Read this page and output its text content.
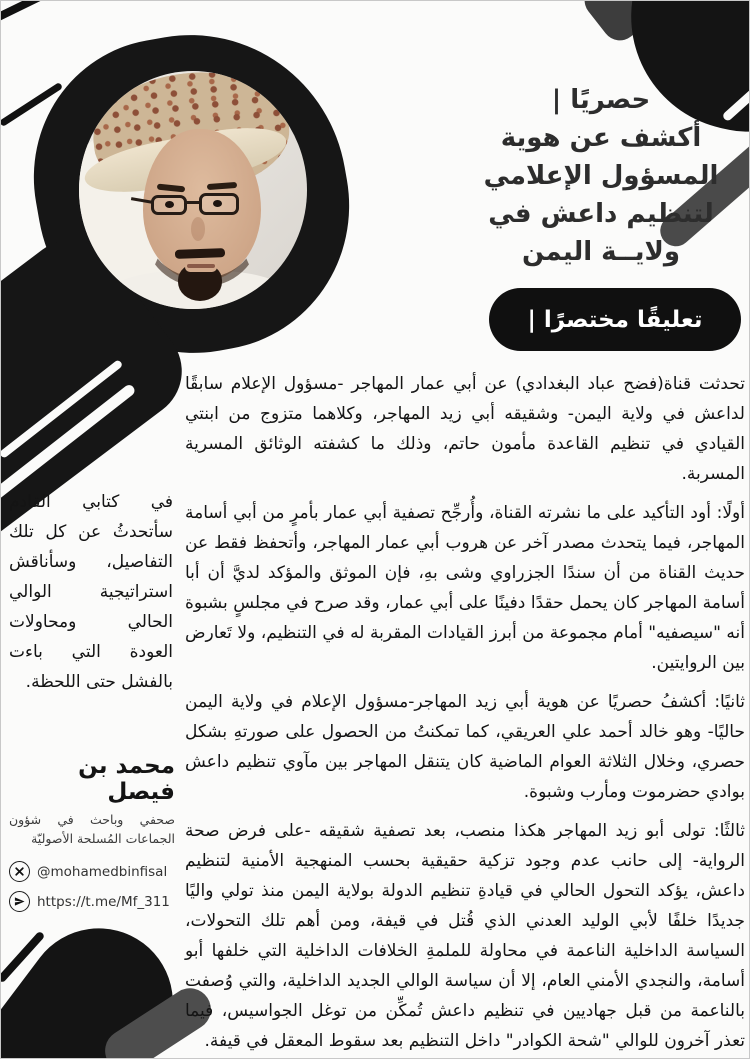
حصريًا |
أكشف عن هوية
المسؤول الإعلامي
لتنظيم داعش في
ولايــة اليمن
تعليقًا مختصرًا |

تحدثت قناة(فضح عباد البغدادي) عن أبي عمار المهاجر -مسؤول الإعلام سابقًا لداعش في ولاية اليمن- وشقيقه أبي زيد المهاجر، وكلاهما متزوج من ابنتي القيادي في تنظيم القاعدة مأمون حاتم، وذلك ما كشفته الوثائق المسرية المسربة.

أولًا: أود التأكيد على ما نشرته القناة، وأُرجِّح تصفية أبي عمار بأمرٍ من أبي أسامة المهاجر، فيما يتحدث مصدر آخر عن هروب أبي عمار المهاجر، وأتحفظ فقط عن حديث القناة من أن سندًا الجزراوي وشى بهِ، فإن الموثق والمؤكد لديَّ أن أبا أسامة المهاجر كان يحمل حقدًا دفينًا على أبي عمار، وقد صرح في مجلسٍ بشبوة أنه "سيصفيه" أمام مجموعة من أبرز القيادات المقربة له في التنظيم، ولا تَعارض بين الروايتين.

ثانيًا: أكشفُ حصريًا عن هوية أبي زيد المهاجر-مسؤول الإعلام في ولاية اليمن حاليًا- وهو خالد أحمد علي العريقي، كما تمكنتُ من الحصول على صورتهِ بشكل حصري، وخلال الثلاثة العوام الماضية كان يتنقل المهاجر بين مآوي تنظيم داعش بوادي حضرموت ومأرب وشبوة.

ثالثًا: تولى أبو زيد المهاجر هكذا منصب، بعد تصفية شقيقه -على فرض صحة الرواية- إلى حانب عدم وجود تزكية حقيقية بحسب المنهجية الأمنية لتنظيم داعش، يؤكد التحول الحالي في قيادةِ تنظيم الدولة بولاية اليمن منذ تولي واليًا جديدًا خلفًا لأبي الوليد العدني الذي قُتل في قيفة، ومن أهم تلك التحولات، السياسة الداخلية الناعمة في محاولة للملمةِ الخلافات الداخلية التي خلفها أبو أسامة، والنجدي الأمني العام، إلا أن سياسة الوالي الجديد الداخلية، والتي وُصفت بالناعمة من قبل جهاديين في تنظيم داعش تُمكِّن من توغل الجواسيس، فيما تعذر آخرون للوالي "شحة الكوادر" داخل التنظيم بعد سقوط المعقل في قيفة.

في كتابي القادم سأتحدثُ عن كل تلك التفاصيل، وسأناقش استراتيجية الوالي الحالي ومحاولات العودة التي باءت بالفشل حتى اللحظة.
محمد بن فيصل
صحفي وباحث في شؤون الجماعات المُسلحة الأصوليّة
@mohamedbinfisal
https://t.me/Mf_311
